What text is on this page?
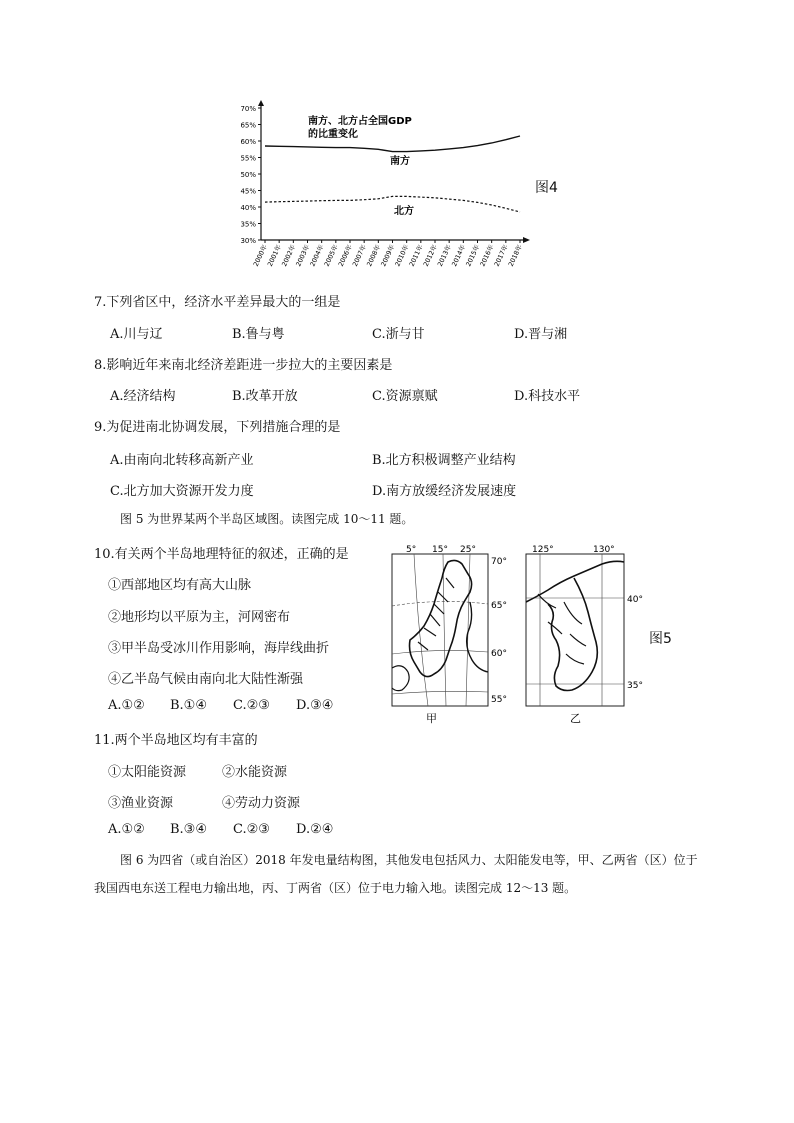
30%
35%
40%
45%
50%
55%
60%
65%
70%
2000年
2001年
2002年
2003年
2004年
2005年
2006年
2007年
2008年
2009年
2010年
2011年
2012年
2013年
2014年
2015年
2016年
2017年
2018年
南方、北方占全国GDP
的比重变化
南方
北方
图4
7.下列省区中，经济水平差异最大的一组是
A.川与辽	B.鲁与粤	C.浙与甘	D.晋与湘
8.影响近年来南北经济差距进一步拉大的主要因素是
A.经济结构	B.改革开放	C.资源禀赋	D.科技水平
9.为促进南北协调发展，下列措施合理的是
A.由南向北转移高新产业	B.北方积极调整产业结构
C.北方加大资源开发力度	D.南方放缓经济发展速度
图 5 为世界某两个半岛区域图。读图完成 10～11 题。
10.有关两个半岛地理特征的叙述，正确的是
①西部地区均有高大山脉
②地形均以平原为主，河网密布
③甲半岛受冰川作用影响，海岸线曲折
④乙半岛气候由南向北大陆性渐强
A.①② B.①④ C.②③ D.③④
5° 15° 25°
70°
65°
60°
55°
甲
125°	130°
40°
35°
乙
图5
11.两个半岛地区均有丰富的
①太阳能资源	②水能资源
③渔业资源	④劳动力资源
A.①② B.③④ C.②③ D.②④
图 6 为四省（或自治区）2018 年发电量结构图，其他发电包括风力、太阳能发电等，甲、乙两省（区）位于我国西电东送工程电力输出地，丙、丁两省（区）位于电力输入地。读图完成 12～13 题。
